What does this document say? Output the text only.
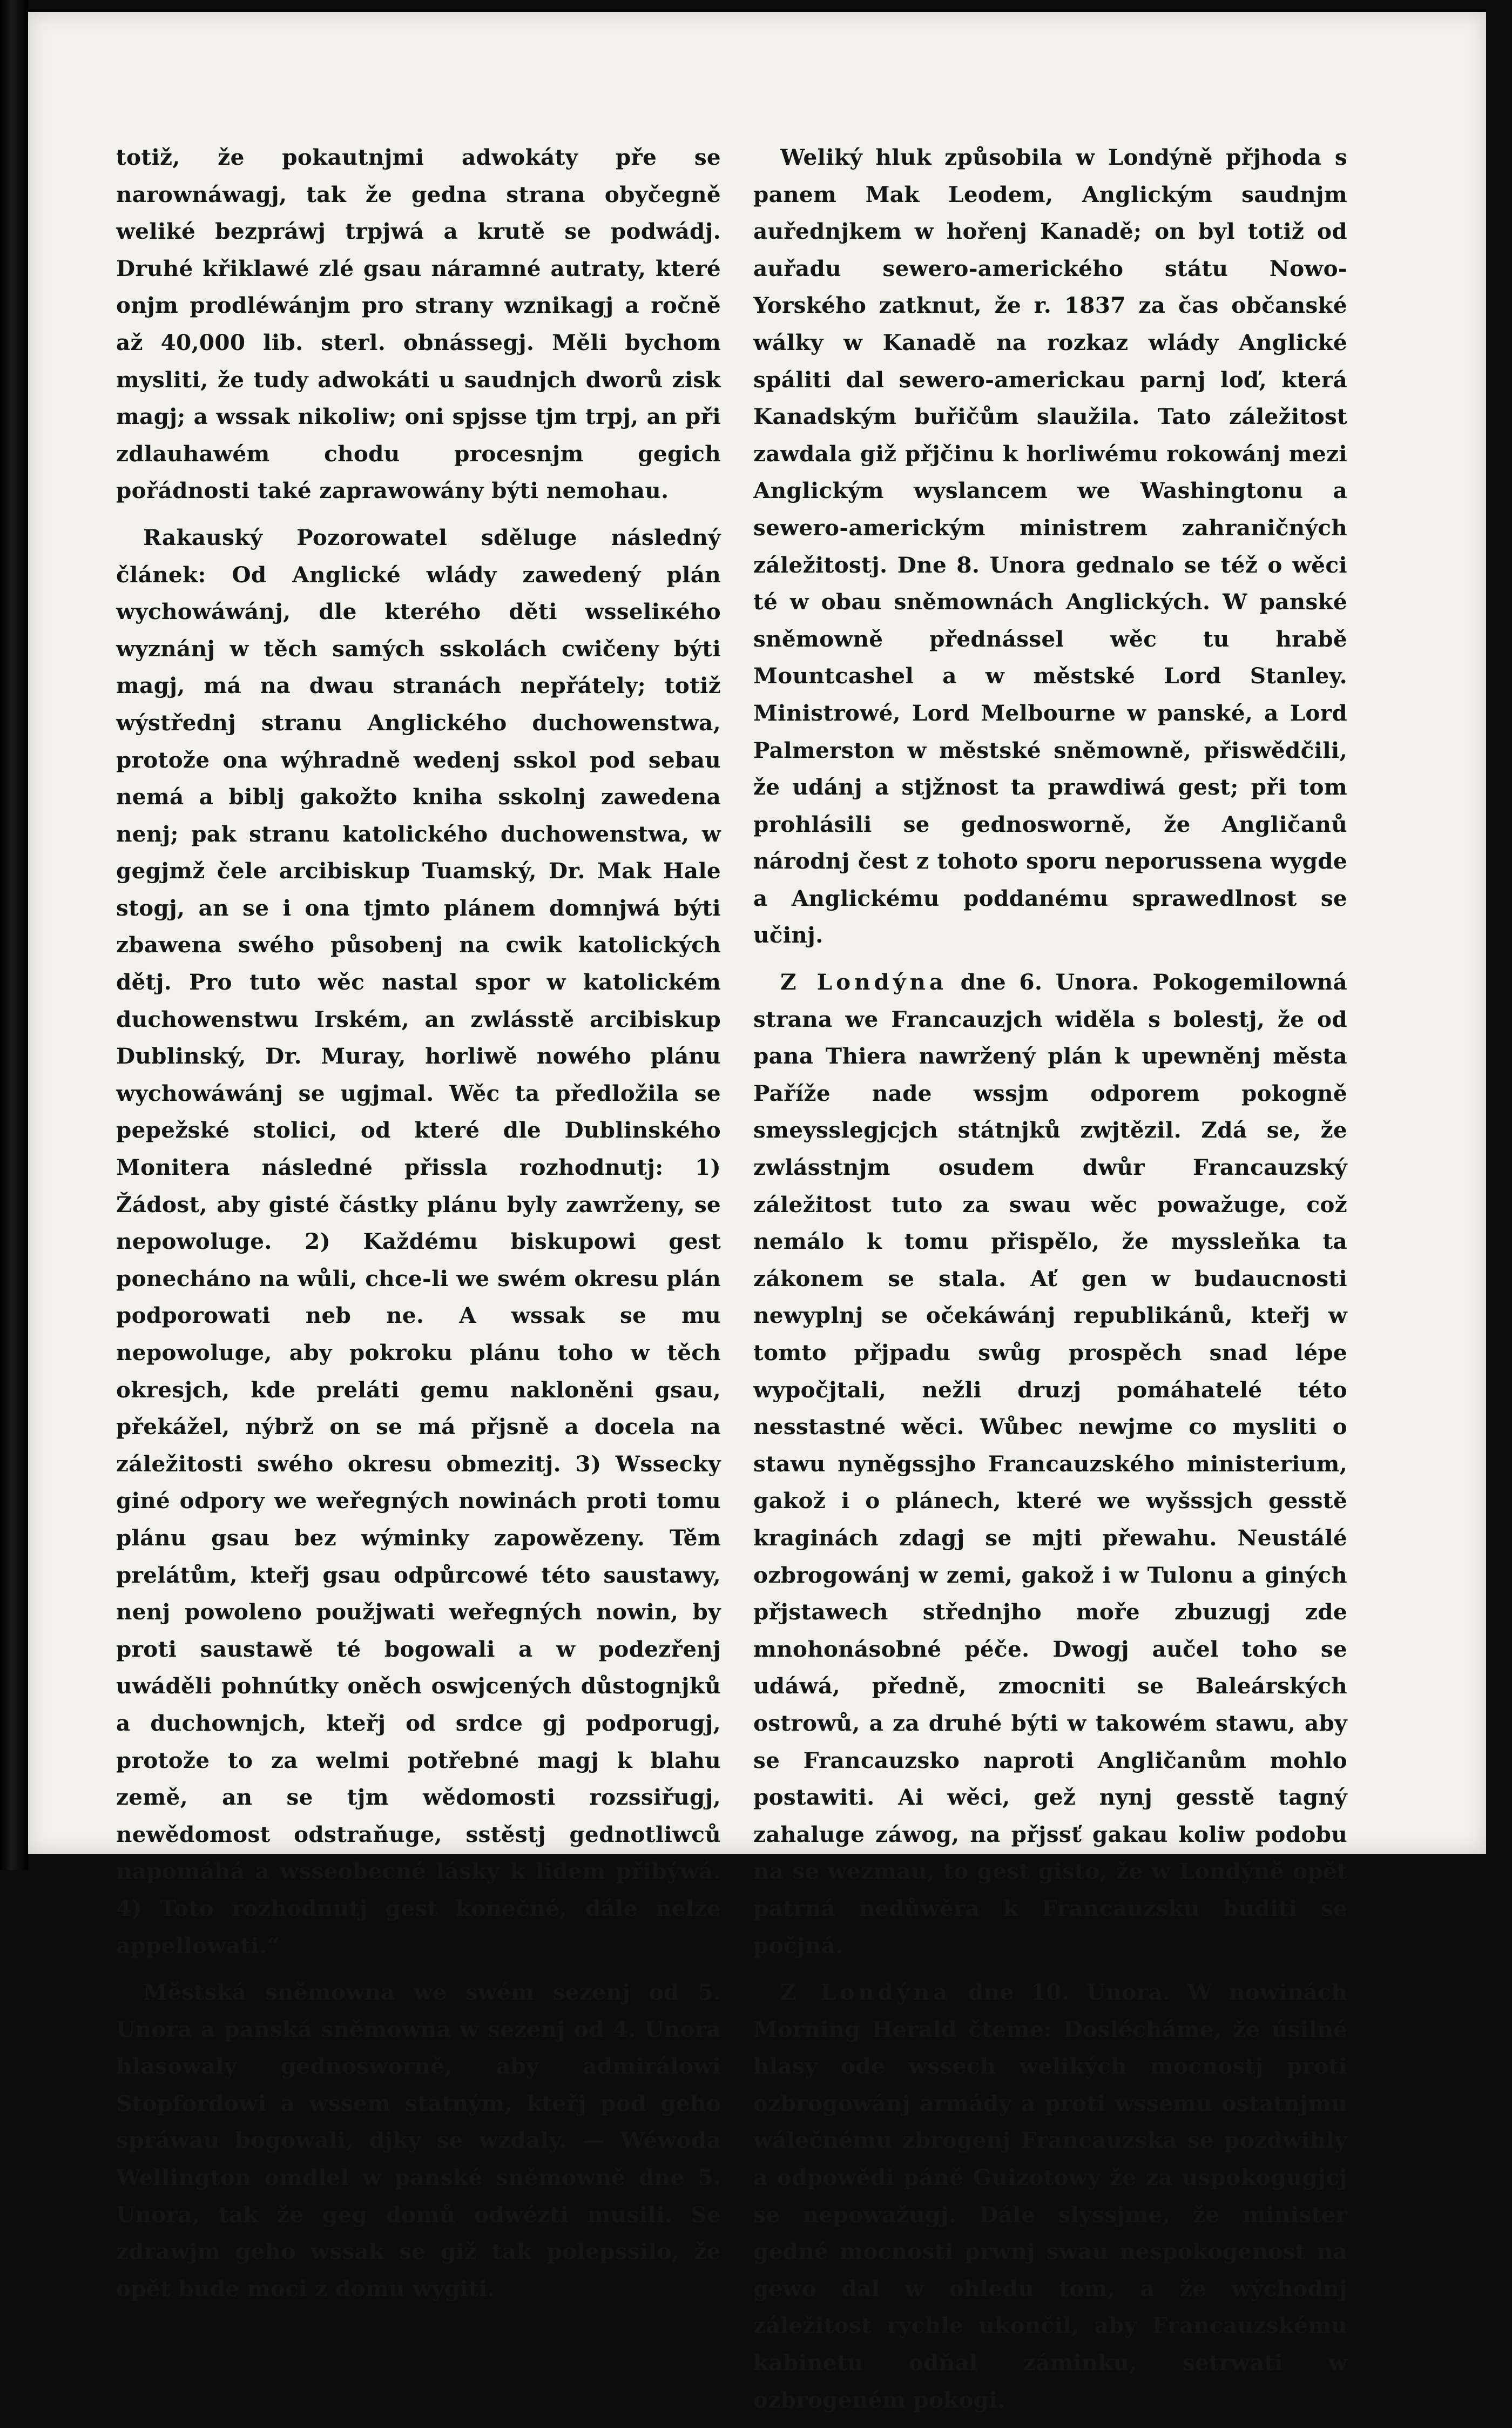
totiž, že pokautnjmi adwokáty pře se narownáwagj, tak že gedna strana obyčegně weliké bezpráwj trpjwá a krutě se podwádj. Druhé křiklawé zlé gsau náramné autraty, které onjm prodléwánjm pro strany wznikagj a ročně až 40,000 lib. sterl. obnássegj. Měli bychom mysliti, že tudy adwokáti u saudnjch dworů zisk magj; a wssak nikoliw; oni spjsse tjm trpj, an při zdlauhawém chodu procesnjm gegich pořádnosti také zaprawowány býti nemohau.

Rakauský Pozorowatel sděluge následný článek: Od Anglické wlády zawedený plán wychowáwánj, dle kterého děti wsseliкého wyznánj w těch samých sskolách cwičeny býti magj, má na dwau stranách nepřátely; totiž wýstřednj stranu Anglického duchowenstwa, protože ona wýhradně wedenj sskol pod sebau nemá a biblj gakožto kniha sskolnj zawedena nenj; pak stranu katolického duchowenstwa, w gegjmž čele arcibiskup Tuamský, Dr. Mak Hale stogj, an se i ona tjmto plánem domnjwá býti zbawena swého působenj na cwik katolických dětj. Pro tuto wěc nastal spor w katolickém duchowenstwu Irském, an zwlásstě arcibiskup Dublinský, Dr. Muray, horliwě nowého plánu wychowáwánj se ugjmal. Wěc ta předložila se pepežské stolici, od které dle Dublinského Monitera následné přissla rozhodnutj: 1) Žádost, aby gisté částky plánu byly zawrženy, se nepowoluge. 2) Každému biskupowi gest ponecháno na wůli, chce-li we swém okresu plán podporowati neb ne. A wssak se mu nepowoluge, aby pokroku plánu toho w těch okresjch, kde preláti gemu nakloněni gsau, překážel, nýbrž on se má přjsně a docela na záležitosti swého okresu obmezitj. 3) Wssecky giné odpory we weřegných nowinách proti tomu plánu gsau bez wýminky zapowězeny. Těm prelátům, kteřj gsau odpůrcowé této saustawy, nenj powoleno použjwati weřegných nowin, by proti saustawě té bogowali a w podezřenj uwáděli pohnútky oněch oswjcených důstognjků a duchownjch, kteřj od srdce gj podporugj, protože to za welmi potřebné magj k blahu země, an se tjm wědomosti rozssiřugj, newědomost odstraňuge, sstěstj gednotliwců napomáhá a wsseobecné lásky k lidem přibýwá. 4) Toto rozhodnutj gest konečné, dále nelze appellowati.“

Městská sněmowna we swém sezenj od 5. Unora a panská sněmowna w sezenj od 4. Unora hlasowaly gednosworně, aby admirálowi Stopfordowi a wssem statným, kteřj pod geho spráwau bogowali, djky se wzdaly. — Wéwoda Wellington omdlel w panské sněmowně dne 5. Unora, tak že geg domů odwézti musili. Se zdrawjm geho wssak se giž tak polepssilo, že opět bude moci z domu wygiti.

Weliký hluk způsobila w Londýně přjhoda s panem Mak Leodem, Anglickým saudnjm auřednjkem w hořenj Kanadě; on byl totiž od auřadu sewero-amerického státu Nowo-Yorského zatknut, že r. 1837 za čas občanské wálky w Kanadě na rozkaz wlády Anglické spáliti dal sewero-americkau parnj loď, která Kanadským buřičům slaužila. Tato záležitost zawdala giž přjčinu k horliwému rokowánj mezi Anglickým wyslancem we Washingtonu a sewero-americkým ministrem zahraničných záležitostj. Dne 8. Unora gednalo se též o wěci té w obau sněmownách Anglických. W panské sněmowně přednássel wěc tu hrabě Mountcashel a w městské Lord Stanley. Ministrowé, Lord Melbourne w panské, a Lord Palmerston w městské sněmowně, přiswědčili, že udánj a stjžnost ta prawdiwá gest; při tom prohlásili se gednosworně, že Angličanů národnj čest z tohoto sporu neporussena wygde a Anglickému poddanému sprawedlnost se učinj.

Z Londýna dne 6. Unora. Pokogemilowná strana we Francauzjch widěla s bolestj, že od pana Thiera nawržený plán k upewněnj města Paříže nade wssjm odporem pokogně smeysslegjcjch státnjků zwjtězil. Zdá se, že zwlásstnjm osudem dwůr Francauzský záležitost tuto za swau wěc powažuge, což nemálo k tomu přispělo, že myssleňka ta zákonem se stala. Ať gen w budaucnosti newyplnj se očekáwánj republikánů, kteřj w tomto přjpadu swůg prospěch snad lépe wypočjtali, nežli druzj pomáhatelé této nesstastné wěci. Wůbec newjme co mysliti o stawu nyněgssjho Francauzského ministerium, gakož i o plánech, které we wyšssjch gesstě kraginách zdagj se mjti přewahu. Neustálé ozbrogowánj w zemi, gakož i w Tulonu a giných přjstawech střednjho moře zbuzugj zde mnohonásobné péče. Dwogj aučel toho se udáwá, předně, zmocniti se Baleárských ostrowů, a za druhé býti w takowém stawu, aby se Francauzsko naproti Angličanům mohlo postawiti. Ai wěci, gež nynj gesstě tagný zahaluge záwog, na přjssť gakau koliw podobu na se wezmau, to gest gisto, že w Londýně opět patrná nedůwěra k Francauzsku buditi se počjná.

Z Londýna dne 10. Unora. W nowinách Morning Herald čteme: Doslécháme, že úsilné hlasy ode wssech welikých mocnostj proti ozbrogowánj armády a proti wssemu ostatnjmu wálečnému zbrogenj Francauzska se pozdwihly a odpowědi páně Guizotowy že za uspokogugjcj se nepowažugj. Dále slyssjme, že minister gedné mocnosti prwnj swau nespokogenost na gewo dal w ohledu tom, a že wýchodnj záležitost rychle ukončil, aby Francauzskému kabinetu odňal záminku, setrwati w ozbrogeném pokogi.
